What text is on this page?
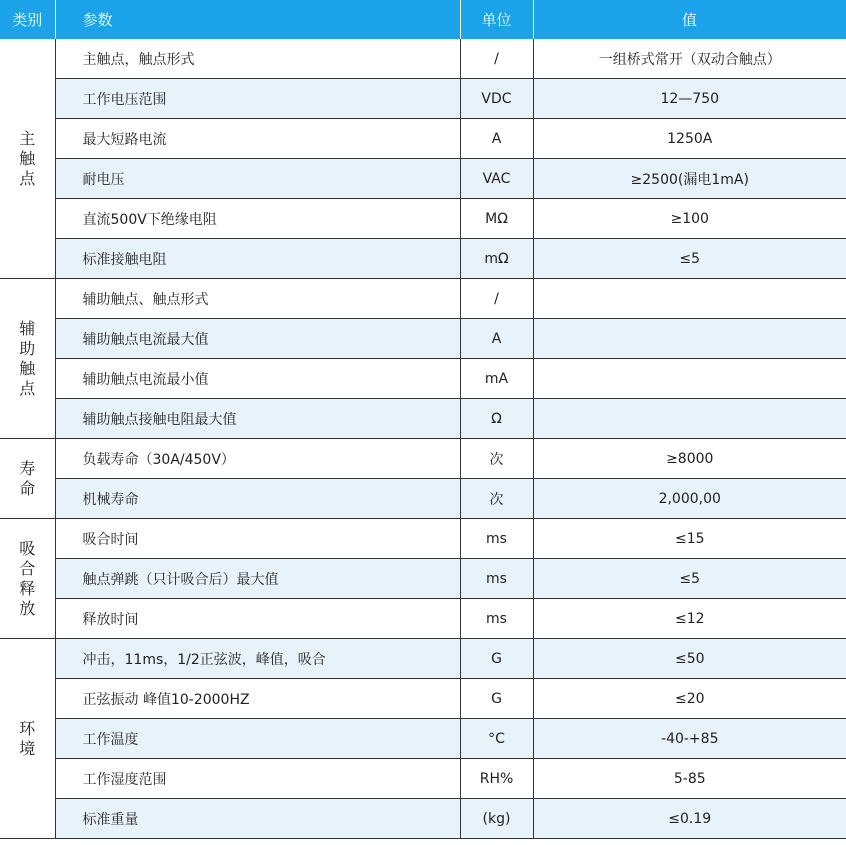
类别	参数	单位	值
主触点	主触点，触点形式	/	一组桥式常开（双动合触点）
	工作电压范围	VDC	12—750
	最大短路电流	A	1250A
	耐电压	VAC	≥2500(漏电1mA)
	直流500V下绝缘电阻	MΩ	≥100
	标准接触电阻	mΩ	≤5
辅助触点	辅助触点、触点形式	/	
	辅助触点电流最大值	A	
	辅助触点电流最小值	mA	
	辅助触点接触电阻最大值	Ω	
寿命	负载寿命（30A/450V）	次	≥8000
	机械寿命	次	2,000,00
吸合释放	吸合时间	ms	≤15
	触点弹跳（只计吸合后）最大值	ms	≤5
	释放时间	ms	≤12
环境	冲击，11ms，1/2正弦波，峰值，吸合	G	≤50
	正弦振动 峰值10-2000HZ	G	≤20
	工作温度	°C	-40-+85
	工作湿度范围	RH%	5-85
	标准重量	(kg)	≤0.19
